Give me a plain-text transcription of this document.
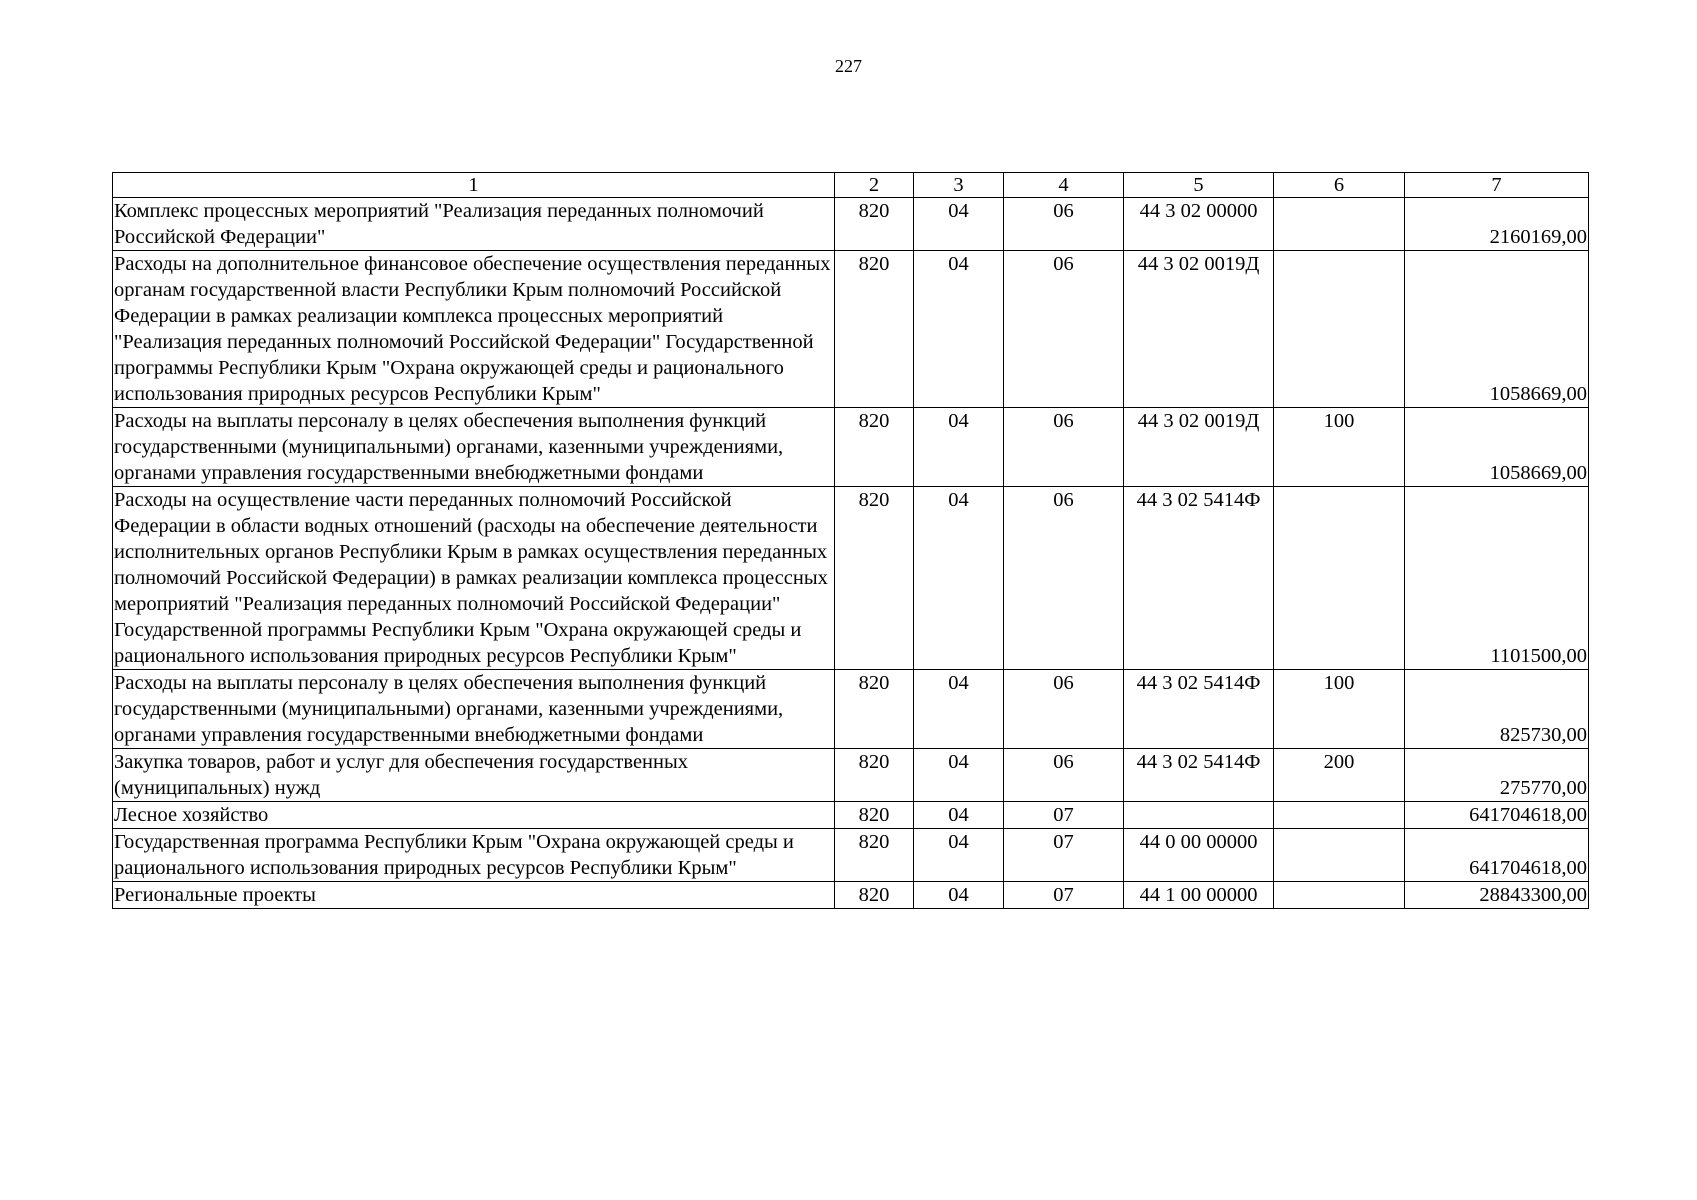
227
1	2	3	4	5	6	7
Комплекс процессных мероприятий "Реализация переданных полномочий Российской Федерации"	820	04	06	44 3 02 00000		2160169,00
Расходы на дополнительное финансовое обеспечение осуществления переданных органам государственной власти Республики Крым полномочий Российской Федерации в рамках реализации комплекса процессных мероприятий "Реализация переданных полномочий Российской Федерации" Государственной программы Республики Крым "Охрана окружающей среды и рационального использования природных ресурсов Республики Крым"	820	04	06	44 3 02 0019Д		1058669,00
Расходы на выплаты персоналу в целях обеспечения выполнения функций государственными (муниципальными) органами, казенными учреждениями, органами управления государственными внебюджетными фондами	820	04	06	44 3 02 0019Д	100	1058669,00
Расходы на осуществление части переданных полномочий Российской Федерации в области водных отношений (расходы на обеспечение деятельности исполнительных органов Республики Крым в рамках осуществления переданных полномочий Российской Федерации) в рамках реализации комплекса процессных мероприятий "Реализация переданных полномочий Российской Федерации" Государственной программы Республики Крым "Охрана окружающей среды и рационального использования природных ресурсов Республики Крым"	820	04	06	44 3 02 5414Ф		1101500,00
Расходы на выплаты персоналу в целях обеспечения выполнения функций государственными (муниципальными) органами, казенными учреждениями, органами управления государственными внебюджетными фондами	820	04	06	44 3 02 5414Ф	100	825730,00
Закупка товаров, работ и услуг для обеспечения государственных (муниципальных) нужд	820	04	06	44 3 02 5414Ф	200	275770,00
Лесное хозяйство	820	04	07			641704618,00
Государственная программа Республики Крым "Охрана окружающей среды и рационального использования природных ресурсов Республики Крым"	820	04	07	44 0 00 00000		641704618,00
Региональные проекты	820	04	07	44 1 00 00000		28843300,00
